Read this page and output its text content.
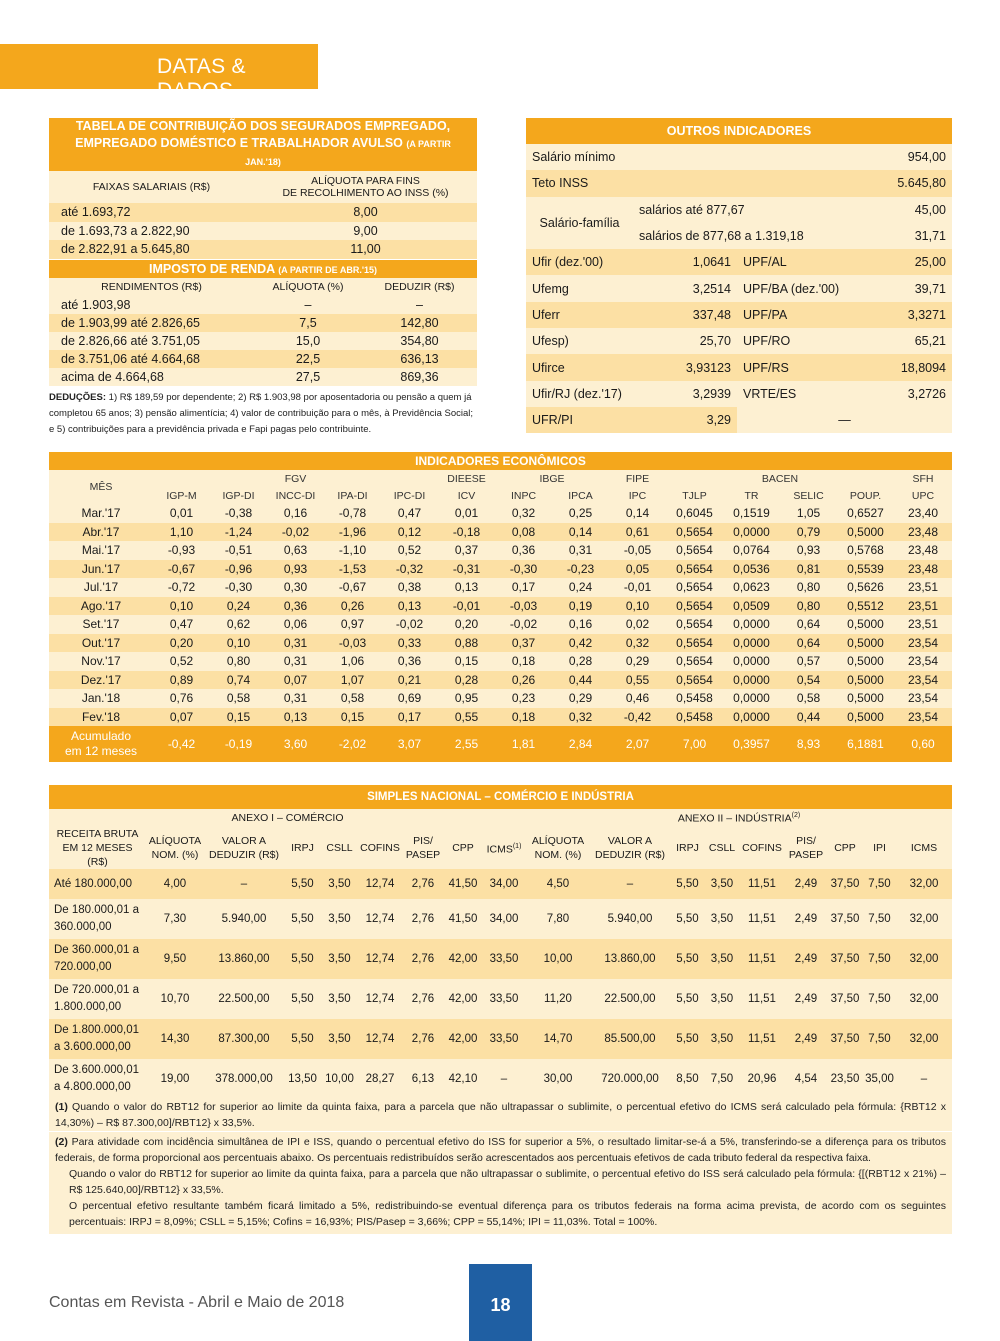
DATAS & DADOS
TABELA DE CONTRIBUIÇÃO DOS SEGURADOS EMPREGADO,
EMPREGADO DOMÉSTICO E TRABALHADOR AVULSO (A PARTIR JAN.'18)	
FAIXAS SALARIAIS (R$)	ALÍQUOTA PARA FINS
DE RECOLHIMENTO AO INSS (%)
até 1.693,72	8,00
de 1.693,73 a 2.822,90	9,00
de 2.822,91 a 5.645,80	11,00
IMPOSTO DE RENDA (A PARTIR DE ABR.'15)		
RENDIMENTOS (R$)	ALÍQUOTA (%)	DEDUZIR (R$)
até 1.903,98	–	–
de 1.903,99 até 2.826,65	7,5	142,80
de 2.826,66 até 3.751,05	15,0	354,80
de 3.751,06 até 4.664,68	22,5	636,13
acima de 4.664,68	27,5	869,36
DEDUÇÕES: 1) R$ 189,59 por dependente; 2) R$ 1.903,98 por aposentadoria ou pensão a quem já completou 65 anos; 3) pensão alimentícia; 4) valor de contribuição para o mês, à Previdência Social; e 5) contribuições para a previdência privada e Fapi pagas pelo contribuinte.
OUTROS INDICADORES			
Salário mínimo			954,00
Teto INSS			5.645,80
Salário-família	salários até 877,67		45,00
	salários de 877,68 a 1.319,18		31,71
Ufir (dez.'00)	1,0641	UPF/AL	25,00
Ufemg	3,2514	UPF/BA (dez.'00)	39,71
Uferr	337,48	UPF/PA	3,3271
Ufesp)	25,70	UPF/RO	65,21
Ufirce	3,93123	UPF/RS	18,8094
Ufir/RJ (dez.'17)	3,2939	VRTE/ES	3,2726
UFR/PI	3,29	—	
INDICADORES ECONÔMICOS														
MÊS	FGV					DIEESE	IBGE		FIPE	BACEN				SFH
	IGP-M	IGP-DI	INCC-DI	IPA-DI	IPC-DI	ICV	INPC	IPCA	IPC	TJLP	TR	SELIC	POUP.	UPC
Mar.'17	0,01	-0,38	0,16	-0,78	0,47	0,01	0,32	0,25	0,14	0,6045	0,1519	1,05	0,6527	23,40
Abr.'17	1,10	-1,24	-0,02	-1,96	0,12	-0,18	0,08	0,14	0,61	0,5654	0,0000	0,79	0,5000	23,48
Mai.'17	-0,93	-0,51	0,63	-1,10	0,52	0,37	0,36	0,31	-0,05	0,5654	0,0764	0,93	0,5768	23,48
Jun.'17	-0,67	-0,96	0,93	-1,53	-0,32	-0,31	-0,30	-0,23	0,05	0,5654	0,0536	0,81	0,5539	23,48
Jul.'17	-0,72	-0,30	0,30	-0,67	0,38	0,13	0,17	0,24	-0,01	0,5654	0,0623	0,80	0,5626	23,51
Ago.'17	0,10	0,24	0,36	0,26	0,13	-0,01	-0,03	0,19	0,10	0,5654	0,0509	0,80	0,5512	23,51
Set.'17	0,47	0,62	0,06	0,97	-0,02	0,20	-0,02	0,16	0,02	0,5654	0,0000	0,64	0,5000	23,51
Out.'17	0,20	0,10	0,31	-0,03	0,33	0,88	0,37	0,42	0,32	0,5654	0,0000	0,64	0,5000	23,54
Nov.'17	0,52	0,80	0,31	1,06	0,36	0,15	0,18	0,28	0,29	0,5654	0,0000	0,57	0,5000	23,54
Dez.'17	0,89	0,74	0,07	1,07	0,21	0,28	0,26	0,44	0,55	0,5654	0,0000	0,54	0,5000	23,54
Jan.'18	0,76	0,58	0,31	0,58	0,69	0,95	0,23	0,29	0,46	0,5458	0,0000	0,58	0,5000	23,54
Fev.'18	0,07	0,15	0,13	0,15	0,17	0,55	0,18	0,32	-0,42	0,5458	0,0000	0,44	0,5000	23,54
Acumulado
em 12 meses	-0,42	-0,19	3,60	-2,02	3,07	2,55	1,81	2,84	2,07	7,00	0,3957	8,93	6,1881	0,60
SIMPLES NACIONAL – COMÉRCIO E INDÚSTRIA																	
ANEXO I – COMÉRCIO									ANEXO II – INDÚSTRIA$^{(2)}$
RECEITA BRUTA EM 12 MESES (R$)	ALÍQUOTA NOM. (%)	VALOR A DEDUZIR (R$)	IRPJ	CSLL	COFINS	PIS/ PASEP	CPP	ICMS$^{(1)}$	ALÍQUOTA NOM. (%)	VALOR A DEDUZIR (R$)	IRPJ	CSLL	COFINS	PIS/ PASEP	CPP	IPI	ICMS
Até 180.000,00	4,00	–	5,50	3,50	12,74	2,76	41,50	34,00	4,50	–	5,50	3,50	11,51	2,49	37,50	7,50	32,00
De 180.000,01 a 360.000,00	7,30	5.940,00	5,50	3,50	12,74	2,76	41,50	34,00	7,80	5.940,00	5,50	3,50	11,51	2,49	37,50	7,50	32,00
De 360.000,01 a 720.000,00	9,50	13.860,00	5,50	3,50	12,74	2,76	42,00	33,50	10,00	13.860,00	5,50	3,50	11,51	2,49	37,50	7,50	32,00
De 720.000,01 a 1.800.000,00	10,70	22.500,00	5,50	3,50	12,74	2,76	42,00	33,50	11,20	22.500,00	5,50	3,50	11,51	2,49	37,50	7,50	32,00
De 1.800.000,01 a 3.600.000,00	14,30	87.300,00	5,50	3,50	12,74	2,76	42,00	33,50	14,70	85.500,00	5,50	3,50	11,51	2,49	37,50	7,50	32,00
De 3.600.000,01 a 4.800.000,00	19,00	378.000,00	13,50	10,00	28,27	6,13	42,10	–	30,00	720.000,00	8,50	7,50	20,96	4,54	23,50	35,00	–

(1) Quando o valor do RBT12 for superior ao limite da quinta faixa, para a parcela que não ultrapassar o sublimite, o percentual efetivo do ICMS será calculado pela fórmula: {RBT12 x 14,30%) – R$ 87.300,00]/RBT12} x 33,5%.

(2) Para atividade com incidência simultânea de IPI e ISS, quando o percentual efetivo do ISS for superior a 5%, o resultado limitar-se-á a 5%, transferindo-se a diferença para os tributos federais, de forma proporcional aos percentuais abaixo. Os percentuais redistribuídos serão acrescentados aos percentuais efetivos de cada tributo federal da respectiva faixa.

Quando o valor do RBT12 for superior ao limite da quinta faixa, para a parcela que não ultrapassar o sublimite, o percentual efetivo do ISS será calculado pela fórmula: {[(RBT12 x 21%) – R$ 125.640,00]/RBT12} x 33,5%.

O percentual efetivo resultante também ficará limitado a 5%, redistribuindo-se eventual diferença para os tributos federais na forma acima prevista, de acordo com os seguintes percentuais: IRPJ = 8,09%; CSLL = 5,15%; Cofins = 16,93%; PIS/Pasep = 3,66%; CPP = 55,14%; IPI = 11,03%. Total = 100%.

Contas em Revista - Abril e Maio de 2018	18
